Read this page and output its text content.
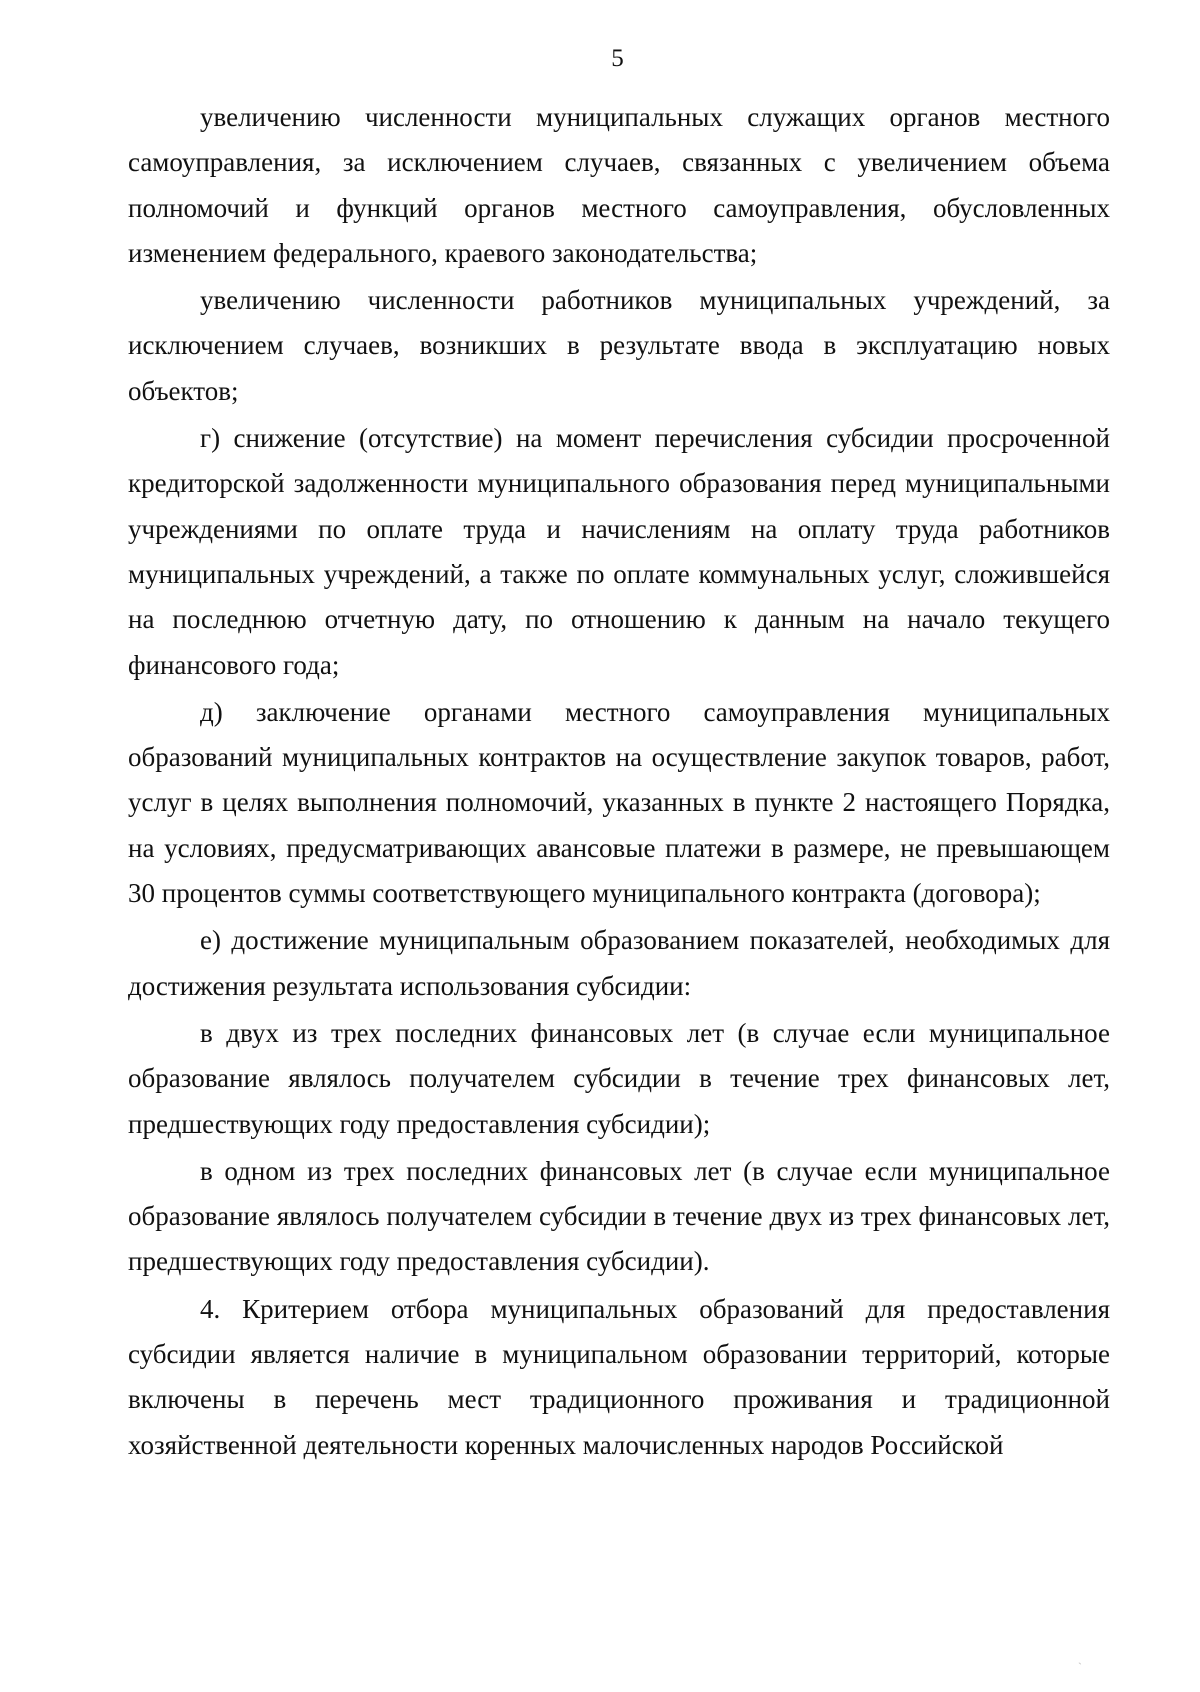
5

увеличению численности муниципальных служащих органов местного самоуправления, за исключением случаев, связанных с увеличением объема полномочий и функций органов местного самоуправления, обусловленных изменением федерального, краевого законодательства;

увеличению численности работников муниципальных учреждений, за исключением случаев, возникших в результате ввода в эксплуатацию новых объектов;

г) снижение (отсутствие) на момент перечисления субсидии просроченной кредиторской задолженности муниципального образования перед муниципальными учреждениями по оплате труда и начислениям на оплату труда работников муниципальных учреждений, а также по оплате коммунальных услуг, сложившейся на последнюю отчетную дату, по отношению к данным на начало текущего финансового года;

д) заключение органами местного самоуправления муниципальных образований муниципальных контрактов на осуществление закупок товаров, работ, услуг в целях выполнения полномочий, указанных в пункте 2 настоящего Порядка, на условиях, предусматривающих авансовые платежи в размере, не превышающем 30 процентов суммы соответствующего муниципального контракта (договора);

е) достижение муниципальным образованием показателей, необходимых для достижения результата использования субсидии:

в двух из трех последних финансовых лет (в случае если муниципальное образование являлось получателем субсидии в течение трех финансовых лет, предшествующих году предоставления субсидии);

в одном из трех последних финансовых лет (в случае если муниципальное образование являлось получателем субсидии в течение двух из трех финансовых лет, предшествующих году предоставления субсидии).

4. Критерием отбора муниципальных образований для предоставления субсидии является наличие в муниципальном образовании территорий, которые включены в перечень мест традиционного проживания и традиционной хозяйственной деятельности коренных малочисленных народов Российской

`
